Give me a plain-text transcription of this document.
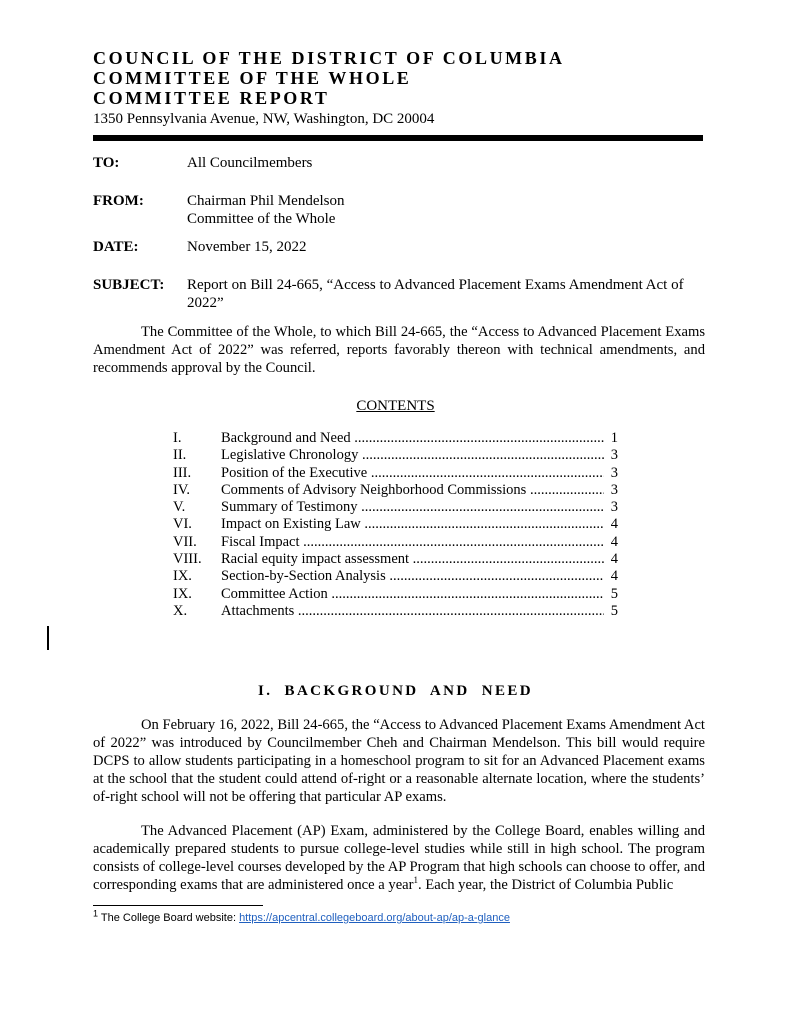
COUNCIL OF THE DISTRICT OF COLUMBIA
COMMITTEE OF THE WHOLE
COMMITTEE REPORT
1350 Pennsylvania Avenue, NW, Washington, DC 20004
TO:	All Councilmembers
FROM:	Chairman Phil Mendelson
Committee of the Whole
DATE:	November 15, 2022
SUBJECT: Report on Bill 24-665, “Access to Advanced Placement Exams Amendment Act of 2022”
The Committee of the Whole, to which Bill 24-665, the “Access to Advanced Placement Exams Amendment Act of 2022” was referred, reports favorably thereon with technical amendments, and recommends approval by the Council.
CONTENTS
I.	Background and Need .....	1
II. Legislative Chronology .....	3
III. Position of the Executive .....	3
IV. Comments of Advisory Neighborhood Commissions .....	3
V. Summary of Testimony .....	3
VI. Impact on Existing Law .....	4
VII. Fiscal Impact .....	4
VIII. Racial equity impact assessment .....	4
IX. Section-by-Section Analysis .....	4
IX. Committee Action .....	5
X. Attachments .....	5
I. BACKGROUND AND NEED
On February 16, 2022, Bill 24-665, the “Access to Advanced Placement Exams Amendment Act of 2022” was introduced by Councilmember Cheh and Chairman Mendelson. This bill would require DCPS to allow students participating in a homeschool program to sit for an Advanced Placement exams at the school that the student could attend of-right or a reasonable alternate location, where the students’ of-right school will not be offering that particular AP exams.
The Advanced Placement (AP) Exam, administered by the College Board, enables willing and academically prepared students to pursue college-level studies while still in high school. The program consists of college-level courses developed by the AP Program that high schools can choose to offer, and corresponding exams that are administered once a year$^1$. Each year, the District of Columbia Public
$^1$ The College Board website: https://apcentral.collegeboard.org/about-ap/ap-a-glance
